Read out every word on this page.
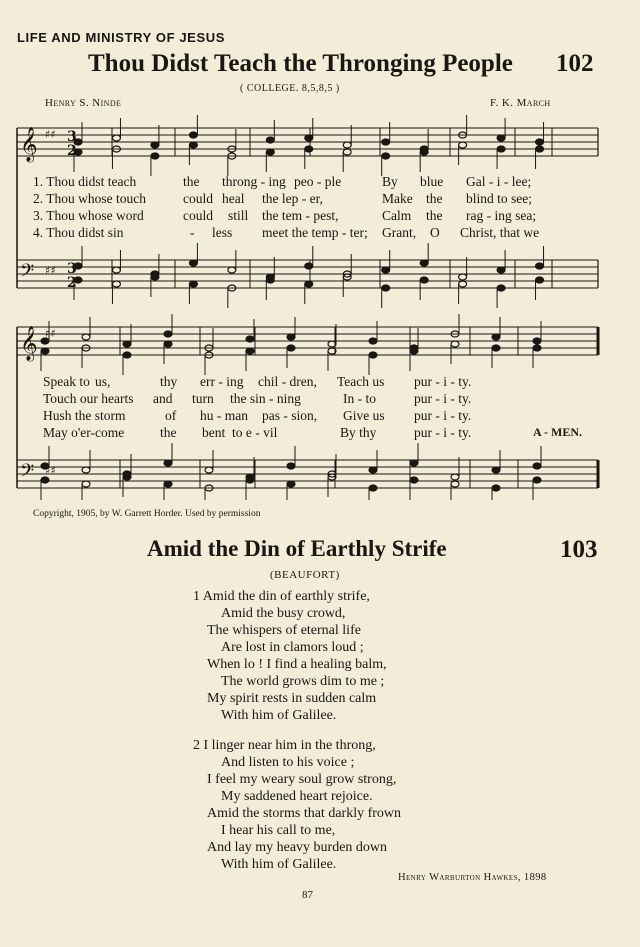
LIFE AND MINISTRY OF JESUS
Thou Didst Teach the Thronging People 102
( COLLEGE. 8,5,8,5 )
Henry S. Ninde	F. K. March
𝄞
𝄢
♯♯
♯♯
3
2
3
2
𝄞
𝄢
♯♯
♯♯
1. Thou didst teach	the throng - ing peo - ple	By blue Gal - i - lee;
2. Thou whose touch	could heal the lep - er,	Make the blind to see;
3. Thou whose word	could still the tem - pest,	Calm the rag - ing sea;
4. Thou didst sin	- less meet the temp - ter; Grant, O Christ, that we
Speak to us,	thy err - ing chil - dren, Teach us pur - i - ty.
Touch our hearts and turn the sin - ning	In - to	pur - i - ty.
Hush the storm	of hu - man pas - sion, Give us pur - i - ty.
May o'er-come	the bent to e - vil	By thy	pur - i - ty.	A - MEN.
Copyright, 1905, by W. Garrett Horder. Used by permission
Amid the Din of Earthly Strife	103
(BEAUFORT)
1 Amid the din of earthly strife,
Amid the busy crowd,
The whispers of eternal life
Are lost in clamors loud ;
When lo ! I find a healing balm,
The world grows dim to me ;
My spirit rests in sudden calm
With him of Galilee.
2 I linger near him in the throng,
And listen to his voice ;
I feel my weary soul grow strong,
My saddened heart rejoice.
Amid the storms that darkly frown
I hear his call to me,
And lay my heavy burden down
With him of Galilee.
Henry Warburton Hawkes, 1898
87
